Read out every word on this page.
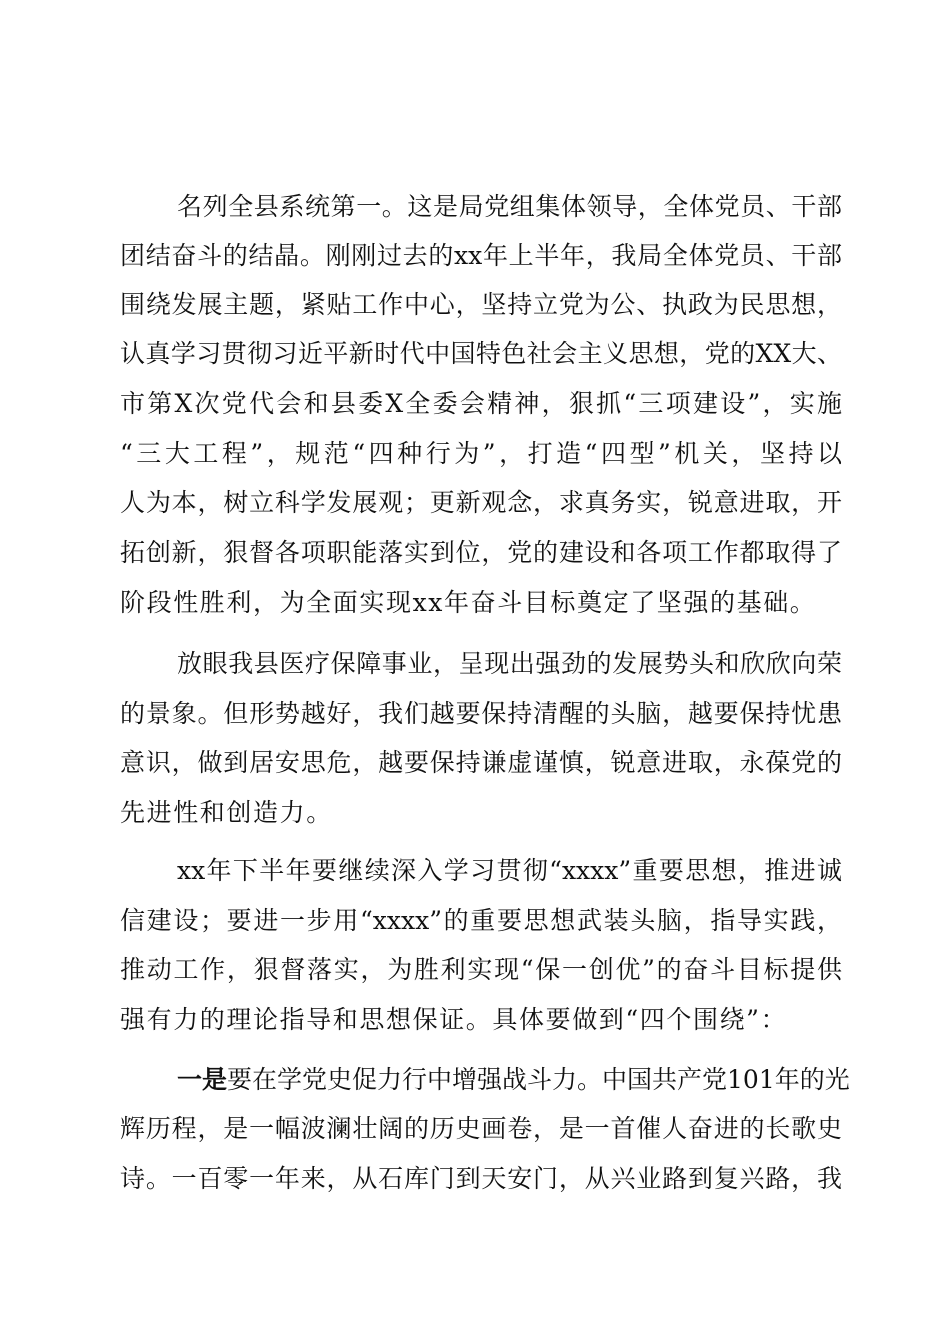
名列全县系统第一。这是局党组集体领导，全体党员、干部
团结奋斗的结晶。刚刚过去的xx年上半年，我局全体党员、干部
围绕发展主题，紧贴工作中心，坚持立党为公、执政为民思想，
认真学习贯彻习近平新时代中国特色社会主义思想，党的XX大、
市第X次党代会和县委X全委会精神，狠抓“三项建设”，实施
“三大工程”，规范“四种行为”，打造“四型”机关，坚持以
人为本，树立科学发展观；更新观念，求真务实，锐意进取，开
拓创新，狠督各项职能落实到位，党的建设和各项工作都取得了
阶段性胜利，为全面实现xx年奋斗目标奠定了坚强的基础。
放眼我县医疗保障事业，呈现出强劲的发展势头和欣欣向荣
的景象。但形势越好，我们越要保持清醒的头脑，越要保持忧患
意识，做到居安思危，越要保持谦虚谨慎，锐意进取，永葆党的
先进性和创造力。
xx年下半年要继续深入学习贯彻“xxxx”重要思想，推进诚
信建设；要进一步用“xxxx”的重要思想武装头脑，指导实践，
推动工作，狠督落实，为胜利实现“保一创优”的奋斗目标提供
强有力的理论指导和思想保证。具体要做到“四个围绕”：
一是 要在学党史促力行中增强战斗力。中国共产党101年的光
辉历程，是一幅波澜壮阔的历史画卷，是一首催人奋进的长歌史
诗。一百零一年来，从石库门到天安门，从兴业路到复兴路，我
